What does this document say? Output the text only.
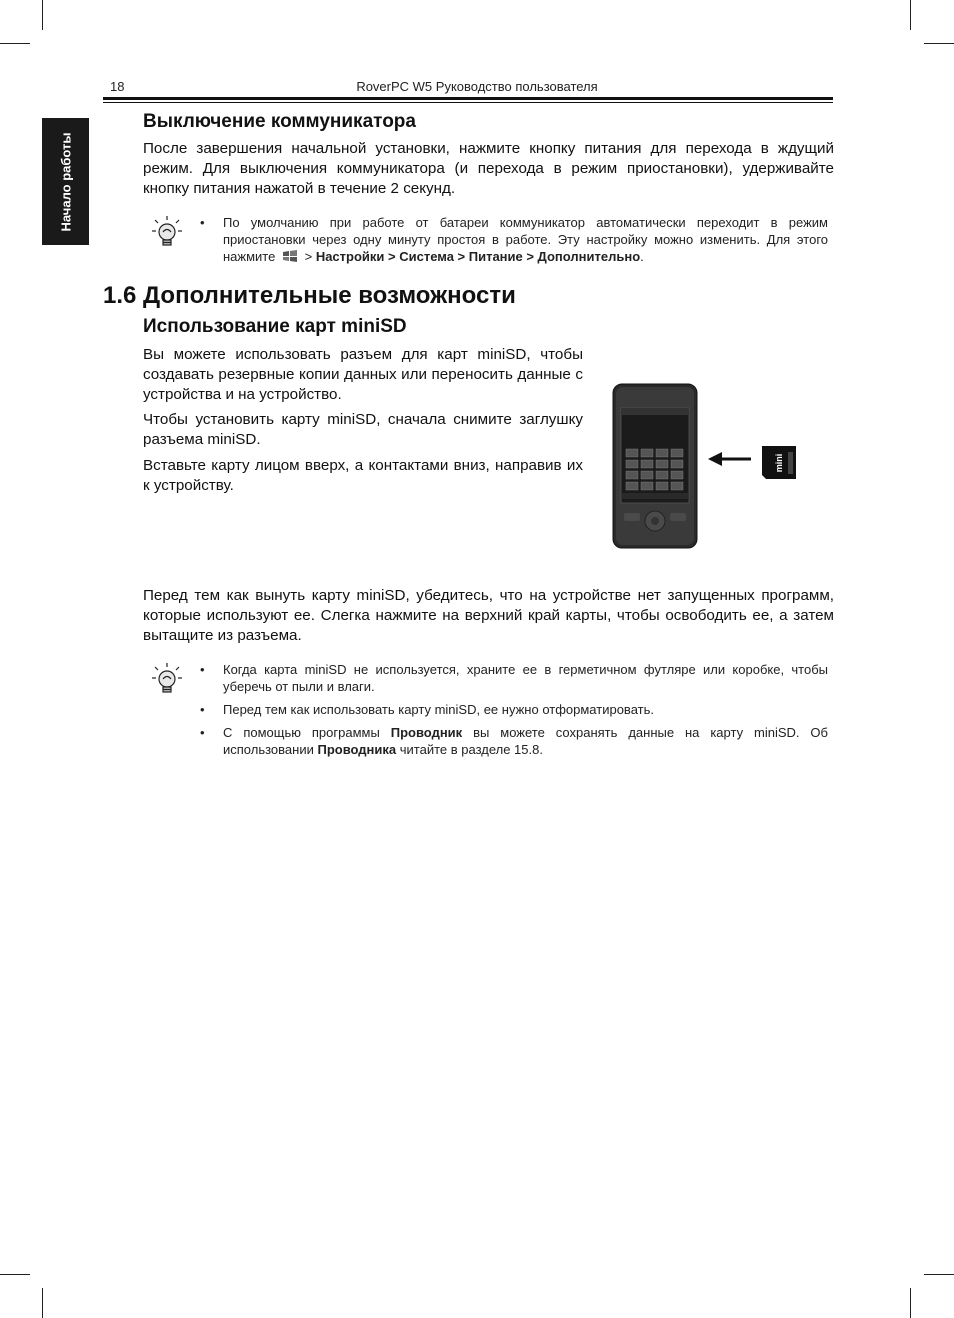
18	RoverPC W5 Руководство пользователя
Начало работы
Выключение коммуникатора

После завершения начальной установки, нажмите кнопку питания для перехода в ждущий режим. Для выключения коммуникатора (и перехода в режим приостановки), удерживайте кнопку питания нажатой в течение 2 секунд.

• По умолчанию при работе от батареи коммуникатор автоматически переходит в режим приостановки через одну минуту простоя в работе. Эту настройку можно изменить. Для этого нажмите > Настройки > Система > Питание > Дополнительно.
1.6 Дополнительные возможности
Использование карт miniSD

Вы можете использовать разъем для карт miniSD, чтобы создавать резервные копии данных или переносить данные с устройства и на устройство.

Чтобы установить карту miniSD, сначала снимите заглушку разъема miniSD.

Вставьте карту лицом вверх, а контактами вниз, направив их к устройству.

mini

Перед тем как вынуть карту miniSD, убедитесь, что на устройстве нет запущенных программ, которые используют ее. Слегка нажмите на верхний край карты, чтобы освободить ее, а затем вытащите из разъема.

• Когда карта miniSD не используется, храните ее в герметичном футляре или коробке, чтобы уберечь от пыли и влаги.
• Перед тем как использовать карту miniSD, ее нужно отформатировать.
• С помощью программы Проводник вы можете сохранять данные на карту miniSD. Об использовании Проводника читайте в разделе 15.8.
